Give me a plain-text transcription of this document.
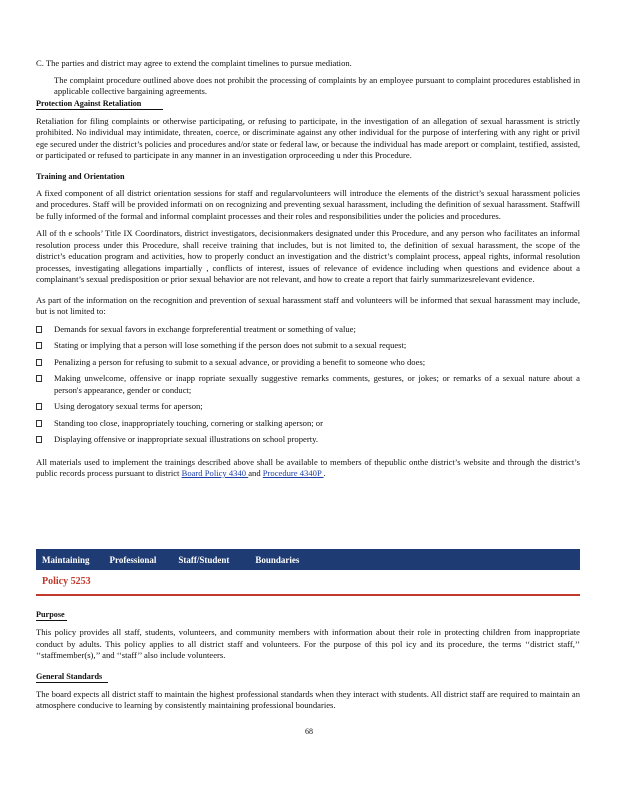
C. The parties and district may agree to extend the complaint timelines to pursue mediation.

The complaint procedure outlined above does not prohibit the processing of complaints by an employee pursuant to complaint procedures established in applicable collective bargaining agreements.

Protection Against Retaliation

Retaliation for filing complaints or otherwise participating, or refusing to participate, in the investigation of an allegation of sexual harassment is strictly prohibited. No individual may intimidate, threaten, coerce, or discriminate against any other individual for the purpose of interfering with any right or privil ege secured under the district’s policies and procedures and/or state or federal law, or because the individual has made areport or complaint, testified, assisted, or participated or refused to participate in any manner in an investigation orproceeding u nder this Procedure.

Training and Orientation

A fixed component of all district orientation sessions for staff and regularvolunteers will introduce the elements of the district’s sexual harassment policies and procedures. Staff will be provided informati on on recognizing and preventing sexual harassment, including the definition of sexual harassment. Staffwill be fully informed of the formal and informal complaint processes and their roles and responsibilities under the policies and procedures.

All of th e schools’ Title IX Coordinators, district investigators, decisionmakers designated under this Procedure, and any person who facilitates an informal resolution process under this Procedure, shall receive training that includes, but is not limited to, the definition of sexual harassment, the scope of the district’s education program and activities, how to properly conduct an investigation and the district’s complaint process, appeal rights, informal resolution processes, investigating allegations impartially , conflicts of interest, issues of relevance of evidence including when questions and evidence about a complainant’s sexual predisposition or prior sexual behavior are not relevant, and how to create a report that fairly summarizesrelevant evidence.

As part of the information on the recognition and prevention of sexual harassment staff and volunteers will be informed that sexual harassment may include, but is not limited to:

Demands for sexual favors in exchange forpreferential treatment or something of value;
Stating or implying that a person will lose something if the person does not submit to a sexual request;
Penalizing a person for refusing to submit to a sexual advance, or providing a benefit to someone who does;
Making unwelcome, offensive or inapp ropriate sexually suggestive remarks comments, gestures, or jokes; or remarks of a sexual nature about a person's appearance, gender or conduct;
Using derogatory sexual terms for aperson;
Standing too close, inappropriately touching, cornering or stalking aperson; or
Displaying offensive or inappropriate sexual illustrations on school property.

All materials used to implement the trainings described above shall be available to members of thepublic onthe district’s website and through the district’s public records process pursuant to district Board Policy 4340 and Procedure 4340P .

Maintaining Professional Staff/Student	Boundaries
Policy 5253
Purpose

This policy provides all staff, students, volunteers, and community members with information about their role in protecting children from inappropriate conduct by adults. This policy applies to all district staff and volunteers. For the purpose of this pol icy and its procedure, the terms ‘‘district staff,’’ ‘‘staffmember(s),’’ and ‘‘staff’’ also include volunteers.

General Standards

The board expects all district staff to maintain the highest professional standards when they interact with students. All district staff are required to maintain an atmosphere conducive to learning by consistently maintaining professional boundaries.

68
